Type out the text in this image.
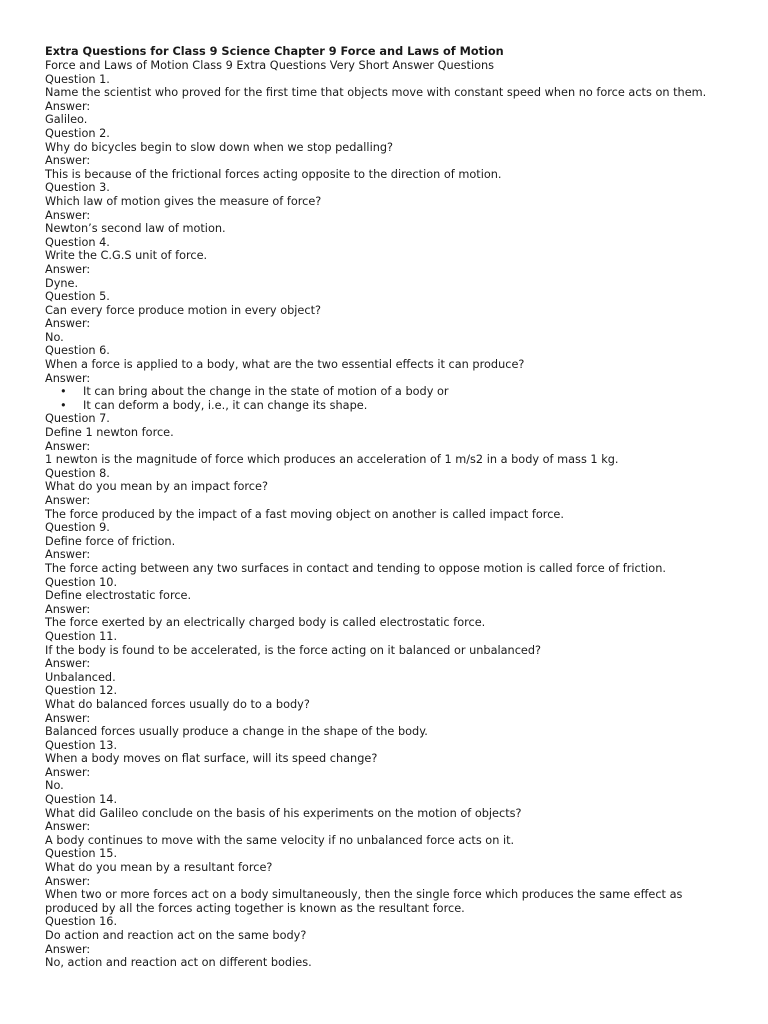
Extra Questions for Class 9 Science Chapter 9 Force and Laws of Motion

Force and Laws of Motion Class 9 Extra Questions Very Short Answer Questions

Question 1.

Name the scientist who proved for the first time that objects move with constant speed when no force acts on them.

Answer:

Galileo.

Question 2.

Why do bicycles begin to slow down when we stop pedalling?

Answer:

This is because of the frictional forces acting opposite to the direction of motion.

Question 3.

Which law of motion gives the measure of force?

Answer:

Newton’s second law of motion.

Question 4.

Write the C.G.S unit of force.

Answer:

Dyne.

Question 5.

Can every force produce motion in every object?

Answer:

No.

Question 6.

When a force is applied to a body, what are the two essential effects it can produce?

Answer:

• It can bring about the change in the state of motion of a body or
• It can deform a body, i.e., it can change its shape.

Question 7.

Define 1 newton force.

Answer:

1 newton is the magnitude of force which produces an acceleration of 1 m/s2 in a body of mass 1 kg.

Question 8.

What do you mean by an impact force?

Answer:

The force produced by the impact of a fast moving object on another is called impact force.

Question 9.

Define force of friction.

Answer:

The force acting between any two surfaces in contact and tending to oppose motion is called force of friction.

Question 10.

Define electrostatic force.

Answer:

The force exerted by an electrically charged body is called electrostatic force.

Question 11.

If the body is found to be accelerated, is the force acting on it balanced or unbalanced?

Answer:

Unbalanced.

Question 12.

What do balanced forces usually do to a body?

Answer:

Balanced forces usually produce a change in the shape of the body.

Question 13.

When a body moves on flat surface, will its speed change?

Answer:

No.

Question 14.

What did Galileo conclude on the basis of his experiments on the motion of objects?

Answer:

A body continues to move with the same velocity if no unbalanced force acts on it.

Question 15.

What do you mean by a resultant force?

Answer:

When two or more forces act on a body simultaneously, then the single force which produces the same effect as produced by all the forces acting together is known as the resultant force.

Question 16.

Do action and reaction act on the same body?

Answer:

No, action and reaction act on different bodies.
